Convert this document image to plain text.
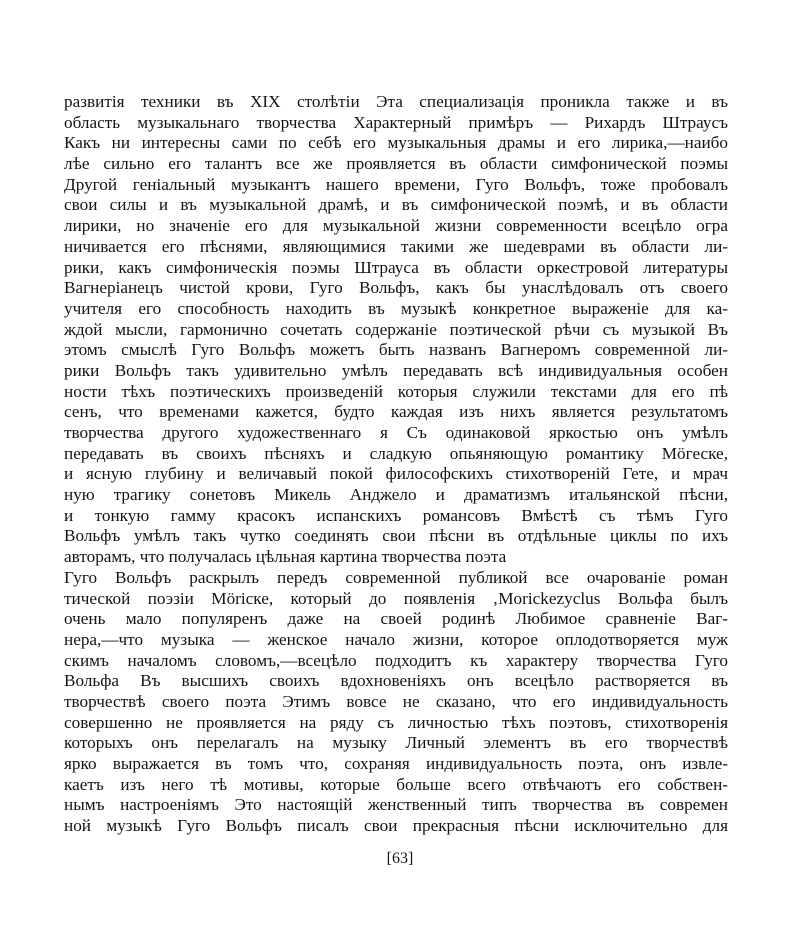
развитія техники въ XIX столѣтіи Эта специализація проникла также и въ
область музыкальнаго творчества Характерный примѣръ — Рихардъ Штраусъ
Какъ ни интересны сами по себѣ его музыкальныя драмы и его лирика,—наибо
лѣе сильно его талантъ все же проявляется въ области симфонической поэмы
Другой геніальный музыкантъ нашего времени, Гуго Вольфъ, тоже пробовалъ
свои силы и въ музыкальной драмѣ, и въ симфонической поэмѣ, и въ области
лирики, но значеніе его для музыкальной жизни современности всецѣло огра
ничивается его пѣснями, являющимися такими же шедеврами въ области ли-
рики, какъ симфоническія поэмы Штрауса въ области оркестровой литературы
Вагнеріанецъ чистой крови, Гуго Вольфъ, какъ бы унаслѣдовалъ отъ своего
учителя его способность находить въ музыкѣ конкретное выраженіе для ка-
ждой мысли, гармонично сочетать содержаніе поэтической рѣчи съ музыкой Въ
этомъ смыслѣ Гуго Вольфъ можетъ быть названъ Вагнеромъ современной ли-
рики Вольфъ такъ удивительно умѣлъ передавать всѣ индивидуальныя особен
ности тѣхъ поэтическихъ произведеній которыя служили текстами для его пѣ
сенъ, что временами кажется, будто каждая изъ нихъ является результатомъ
творчества другого художественнаго я Съ одинаковой яркостью онъ умѣлъ
передавать въ своихъ пѣсняхъ и сладкую опьяняющую романтику Möгеске,
и ясную глубину и величавый покой философскихъ стихотвореній Гете, и мрач
ную трагику сонетовъ Микель Анджело и драматизмъ итальянской пѣсни,
и тонкую гамму красокъ испанскихъ романсовъ Вмѣстѣ съ тѣмъ Гуго
Вольфъ умѣлъ такъ чутко соединять свои пѣсни въ отдѣльные циклы по ихъ
авторамъ, что получалась цѣльная картина творчества поэта
Гуго Вольфъ раскрылъ передъ современной публикой все очарованіе роман
тической поэзіи Mörіске, который до появленія ‚Mοrісkezусlus Вольфа былъ
очень мало популяренъ даже на своей родинѣ Любимое сравненіе Ваг-
нера,—что музыка — женское начало жизни, которое оплодотворяется муж
скимъ началомъ словомъ,—всецѣло подходитъ къ характеру творчества Гуго
Вольфа Въ высшихъ своихъ вдохновеніяхъ онъ всецѣло растворяется въ
творчествѣ своего поэта Этимъ вовсе не сказано, что его индивидуальность
совершенно не проявляется на ряду съ личностью тѣхъ поэтовъ, стихотворенія
которыхъ онъ перелагалъ на музыку Личный элементъ въ его творчествѣ
ярко выражается въ томъ что, сохраняя индивидуальность поэта, онъ извле-
каетъ изъ него тѣ мотивы, которые больше всего отвѣчаютъ его собствен-
нымъ настроеніямъ Это настоящій женственный типъ творчества въ современ
ной музыкѣ Гуго Вольфъ писалъ свои прекрасныя пѣсни исключительно для
[63]
